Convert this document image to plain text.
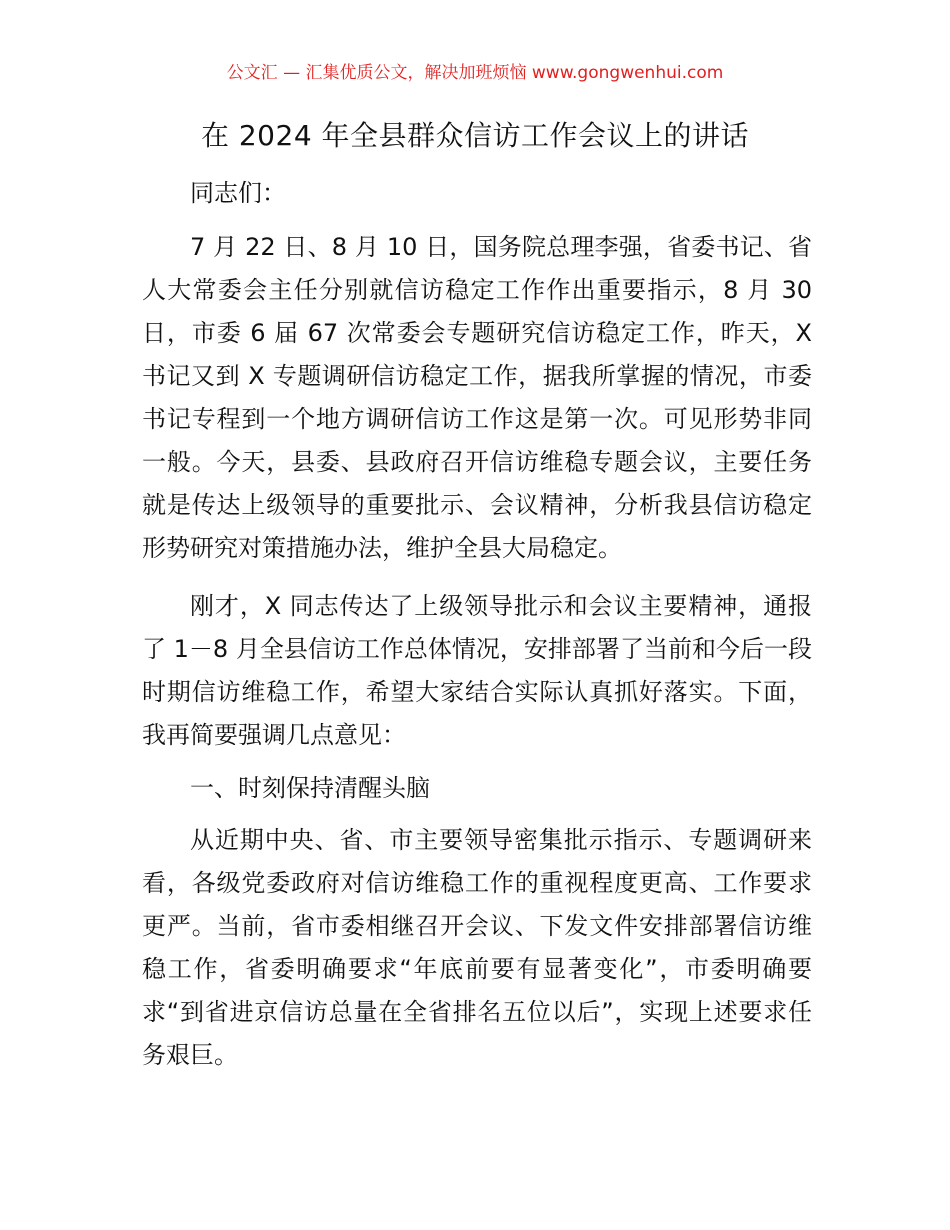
公文汇 — 汇集优质公文，解决加班烦恼 www.gongwenhui.com
在 2024 年全县群众信访工作会议上的讲话

同志们：

7 月 22 日、8 月 10 日，国务院总理李强，省委书记、省人大常委会主任分别就信访稳定工作作出重要指示，8 月 30 日，市委 6 届 67 次常委会专题研究信访稳定工作，昨天，X 书记又到 X 专题调研信访稳定工作，据我所掌握的情况，市委书记专程到一个地方调研信访工作这是第一次。可见形势非同一般。今天，县委、县政府召开信访维稳专题会议，主要任务就是传达上级领导的重要批示、会议精神，分析我县信访稳定形势研究对策措施办法，维护全县大局稳定。

刚才，X 同志传达了上级领导批示和会议主要精神，通报了 1－8 月全县信访工作总体情况，安排部署了当前和今后一段时期信访维稳工作，希望大家结合实际认真抓好落实。下面，我再简要强调几点意见：

一、时刻保持清醒头脑

从近期中央、省、市主要领导密集批示指示、专题调研来看，各级党委政府对信访维稳工作的重视程度更高、工作要求更严。当前，省市委相继召开会议、下发文件安排部署信访维稳工作，省委明确要求“年底前要有显著变化”，市委明确要求“到省进京信访总量在全省排名五位以后”，实现上述要求任务艰巨。
